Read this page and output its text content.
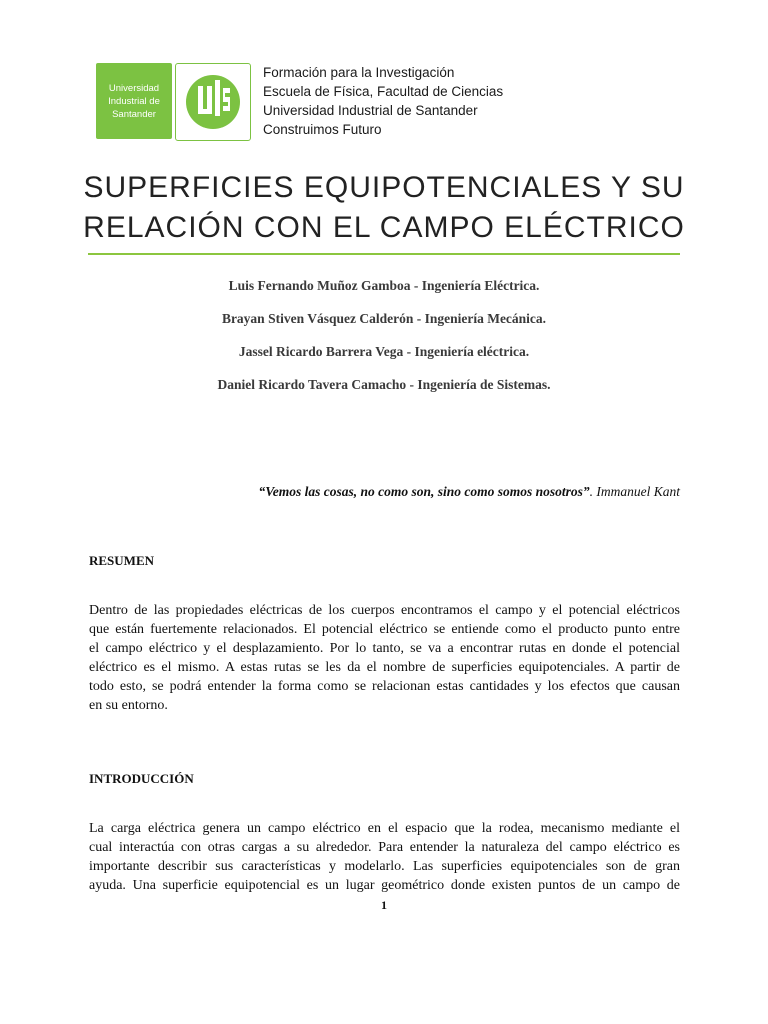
Universidad
Industrial de
Santander
Formación para la Investigación
Escuela de Física, Facultad de Ciencias
Universidad Industrial de Santander
Construimos Futuro
SUPERFICIES EQUIPOTENCIALES Y SU
RELACIÓN CON EL CAMPO ELÉCTRICO
Luis Fernando Muñoz Gamboa - Ingeniería Eléctrica.
Brayan Stiven Vásquez Calderón - Ingeniería Mecánica.
Jassel Ricardo Barrera Vega - Ingeniería eléctrica.
Daniel Ricardo Tavera Camacho - Ingeniería de Sistemas.
“Vemos las cosas, no como son, sino como somos nosotros”. Immanuel Kant
RESUMEN
Dentro de las propiedades eléctricas de los cuerpos encontramos el campo y el potencial eléctricos
que están fuertemente relacionados. El potencial eléctrico se entiende como el producto punto entre
el campo eléctrico y el desplazamiento. Por lo tanto, se va a encontrar rutas en donde el potencial
eléctrico es el mismo. A estas rutas se les da el nombre de superficies equipotenciales. A partir de
todo esto, se podrá entender la forma como se relacionan estas cantidades y los efectos que causan
en su entorno.
INTRODUCCIÓN
La carga eléctrica genera un campo eléctrico en el espacio que la rodea, mecanismo mediante el
cual interactúa con otras cargas a su alrededor. Para entender la naturaleza del campo eléctrico es
importante describir sus características y modelarlo. Las superficies equipotenciales son de gran
ayuda. Una superficie equipotencial es un lugar geométrico donde existen puntos de un campo de
1
